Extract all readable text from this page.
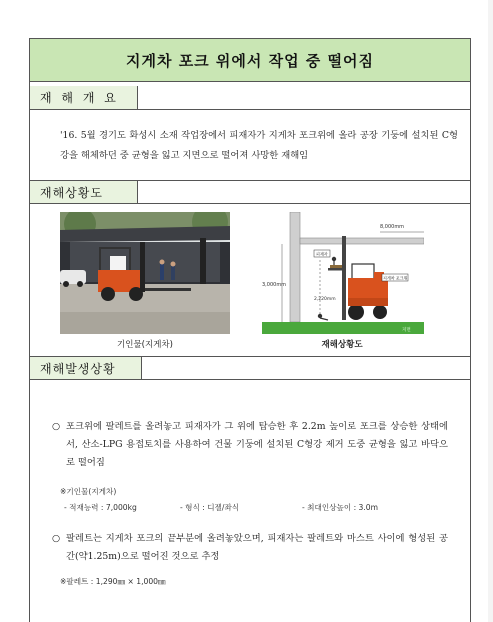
지게차 포크 위에서 작업 중 떨어짐
재 해 개 요

'16. 5월 경기도 화성시 소재 작업장에서 피재자가 지게차 포크위에 올라 공장 기둥에 설치된 C형강을 해체하던 중 균형을 잃고 지면으로 떨어져 사망한 재해임

재해상황도
기인물(지게차)
8,000mm
3,000mm
지면
2,220mm
피재자
지게차 포크위
재해상황도
재해발생상황
○ 포크위에 팔레트를 올려놓고 피재자가 그 위에 탑승한 후 2.2m 높이로 포크를 상승한 상태에서, 산소-LPG 용접토치를 사용하여 건물 기둥에 설치된 C형강 제거 도중 균형을 잃고 바닥으로 떨어짐
※기인물(지게차)
- 적재능력 : 7,000kg	- 형식 : 디젤/좌식	- 최대인상높이 : 3.0m
○ 팔레트는 지게차 포크의 끝부분에 올려놓았으며, 피재자는 팔레트와 마스트 사이에 형성된 공간(약1.25m)으로 떨어진 것으로 추정
※팔레트 : 1,290㎜ × 1,000㎜
